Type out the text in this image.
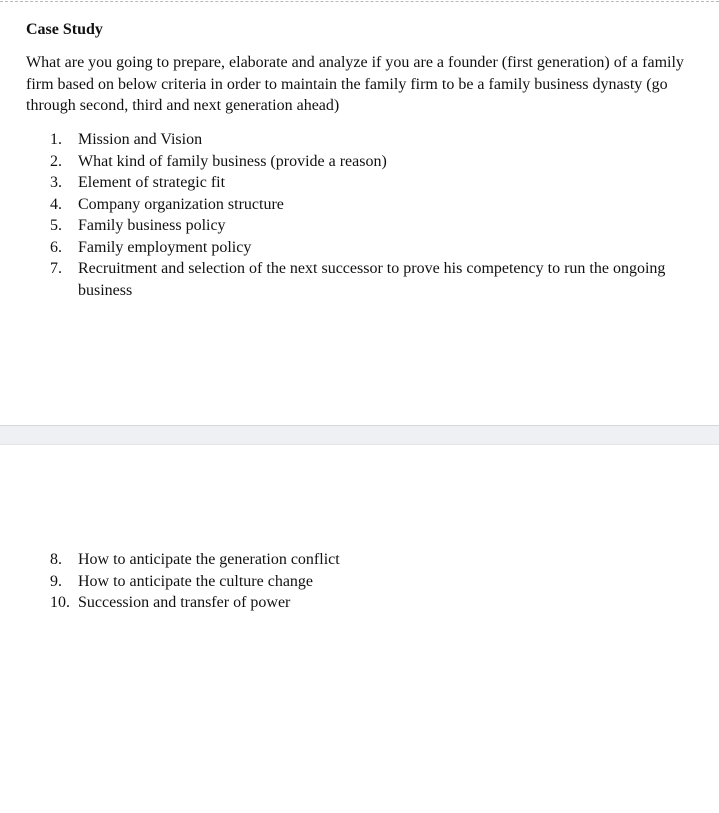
Case Study

What are you going to prepare, elaborate and analyze if you are a founder (first generation) of a family firm based on below criteria in order to maintain the family firm to be a family business dynasty (go through second, third and next generation ahead)

1.	Mission and Vision
2.	What kind of family business (provide a reason)
3.	Element of strategic fit
4.	Company organization structure
5.	Family business policy
6.	Family employment policy
7.	Recruitment and selection of the next successor to prove his competency to run the ongoing business
8.	How to anticipate the generation conflict
9.	How to anticipate the culture change
10. Succession and transfer of power
